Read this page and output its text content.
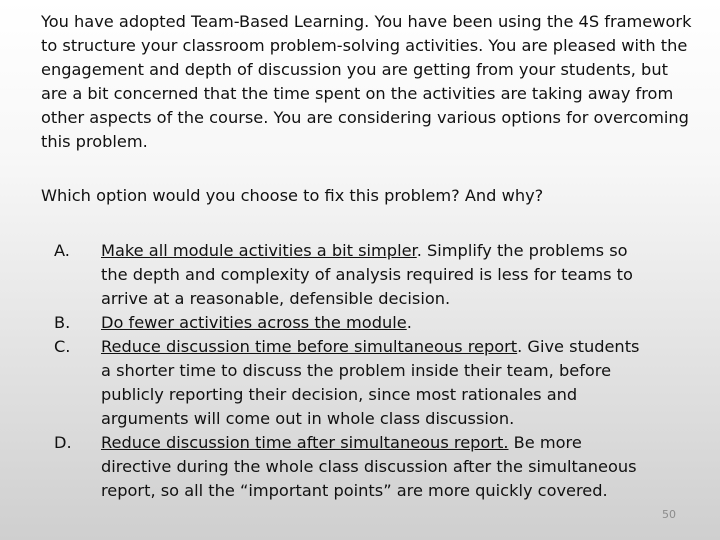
You have adopted Team-Based Learning. You have been using the 4S framework to structure your classroom problem-solving activities. You are pleased with the engagement and depth of discussion you are getting from your students, but are a bit concerned that the time spent on the activities are taking away from other aspects of the course. You are considering various options for overcoming this problem.

Which option would you choose to fix this problem? And why?

A.	Make all module activities a bit simpler. Simplify the problems so the depth and complexity of analysis required is less for teams to arrive at a reasonable, defensible decision.
B.	Do fewer activities across the module.
C.	Reduce discussion time before simultaneous report. Give students a shorter time to discuss the problem inside their team, before publicly reporting their decision, since most rationales and arguments will come out in whole class discussion.
D.	Reduce discussion time after simultaneous report. Be more directive during the whole class discussion after the simultaneous report, so all the “important points” are more quickly covered.
50
